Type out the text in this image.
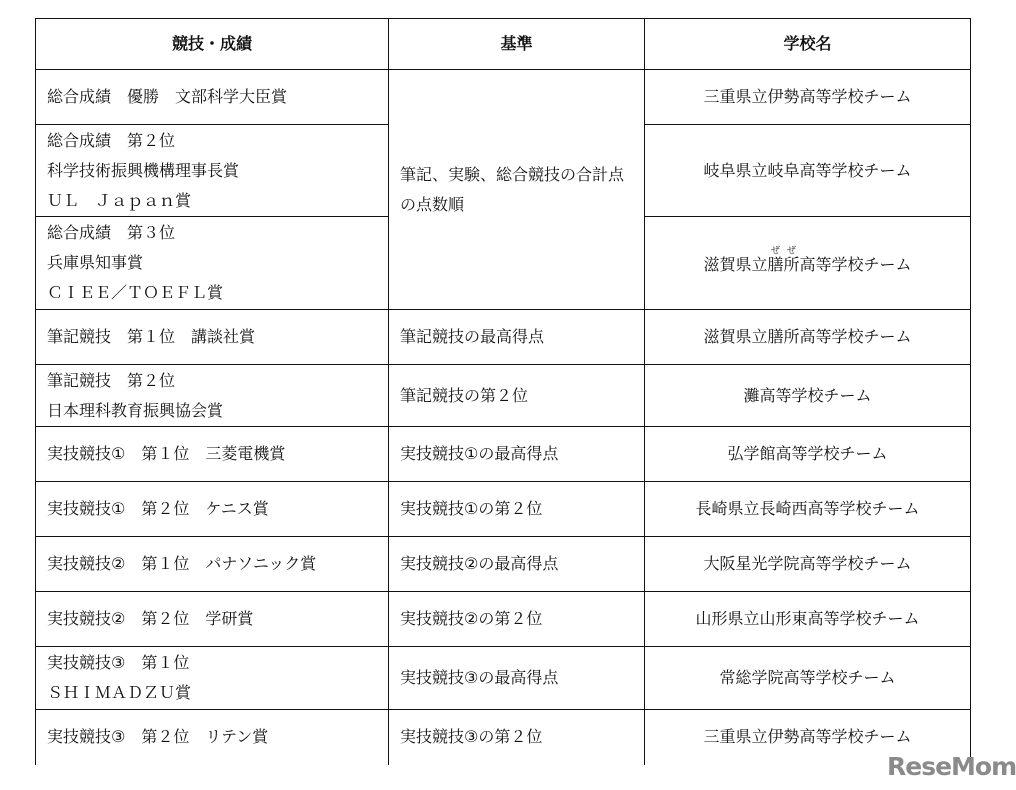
競技・成績	基準	学校名

総合成績　優勝　文部科学大臣賞	筆記、実験、総合競技の合計点の点数順	三重県立伊勢高等学校チーム

総合成績　第２位
科学技術振興機構理事長賞
ＵＬ　Ｊａｐａｎ賞		岐阜県立岐阜高等学校チーム

総合成績　第３位
兵庫県知事賞
ＣＩＥＥ／ＴＯＥＦＬ賞		滋賀県立膳所ぜぜ高等学校チーム

筆記競技　第１位　講談社賞	筆記競技の最高得点	滋賀県立膳所高等学校チーム

筆記競技　第２位
日本理科教育振興協会賞	筆記競技の第２位	灘高等学校チーム

実技競技①　第１位　三菱電機賞	実技競技①の最高得点	弘学館高等学校チーム

実技競技①　第２位　ケニス賞	実技競技①の第２位	長崎県立長崎西高等学校チーム

実技競技②　第１位　パナソニック賞	実技競技②の最高得点	大阪星光学院高等学校チーム

実技競技②　第２位　学研賞	実技競技②の第２位	山形県立山形東高等学校チーム

実技競技③　第１位
ＳＨＩＭＡＤＺＵ賞	実技競技③の最高得点	常総学院高等学校チーム

実技競技③　第２位　リテン賞	実技競技③の第２位	三重県立伊勢高等学校チーム
ReseMom
